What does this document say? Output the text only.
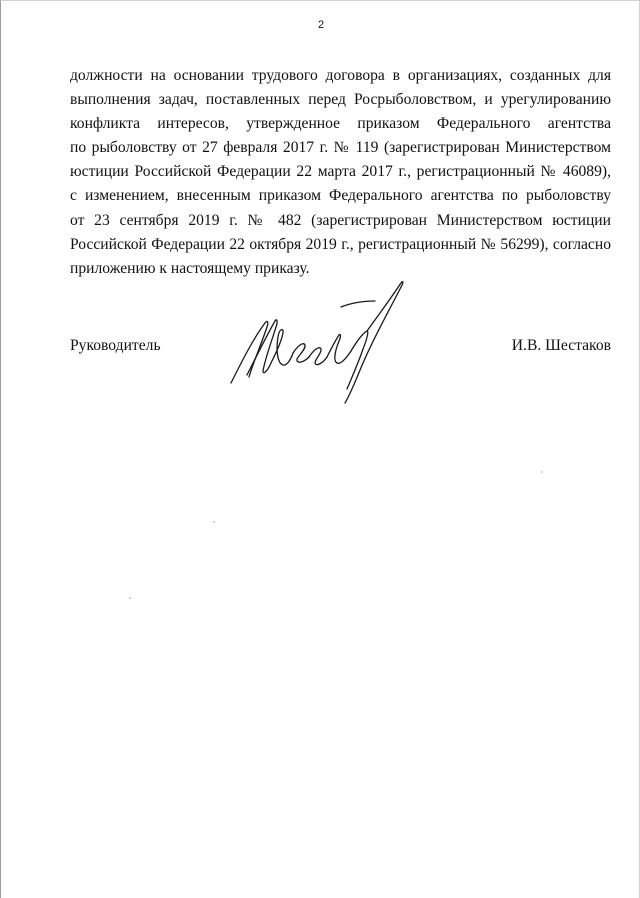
2
должности на основании трудового договора в организациях, созданных для
выполнения задач, поставленных перед Росрыболовством, и урегулированию
конфликта интересов, утвержденное приказом Федерального агентства
по рыболовству от 27 февраля 2017 г. № 119 (зарегистрирован Министерством
юстиции Российской Федерации 22 марта 2017 г., регистрационный № 46089),
с изменением, внесенным приказом Федерального агентства по рыболовству
от 23 сентября 2019 г. № 482 (зарегистрирован Министерством юстиции
Российской Федерации 22 октября 2019 г., регистрационный № 56299), согласно
приложению к настоящему приказу.
Руководитель	И.В. Шестаков
